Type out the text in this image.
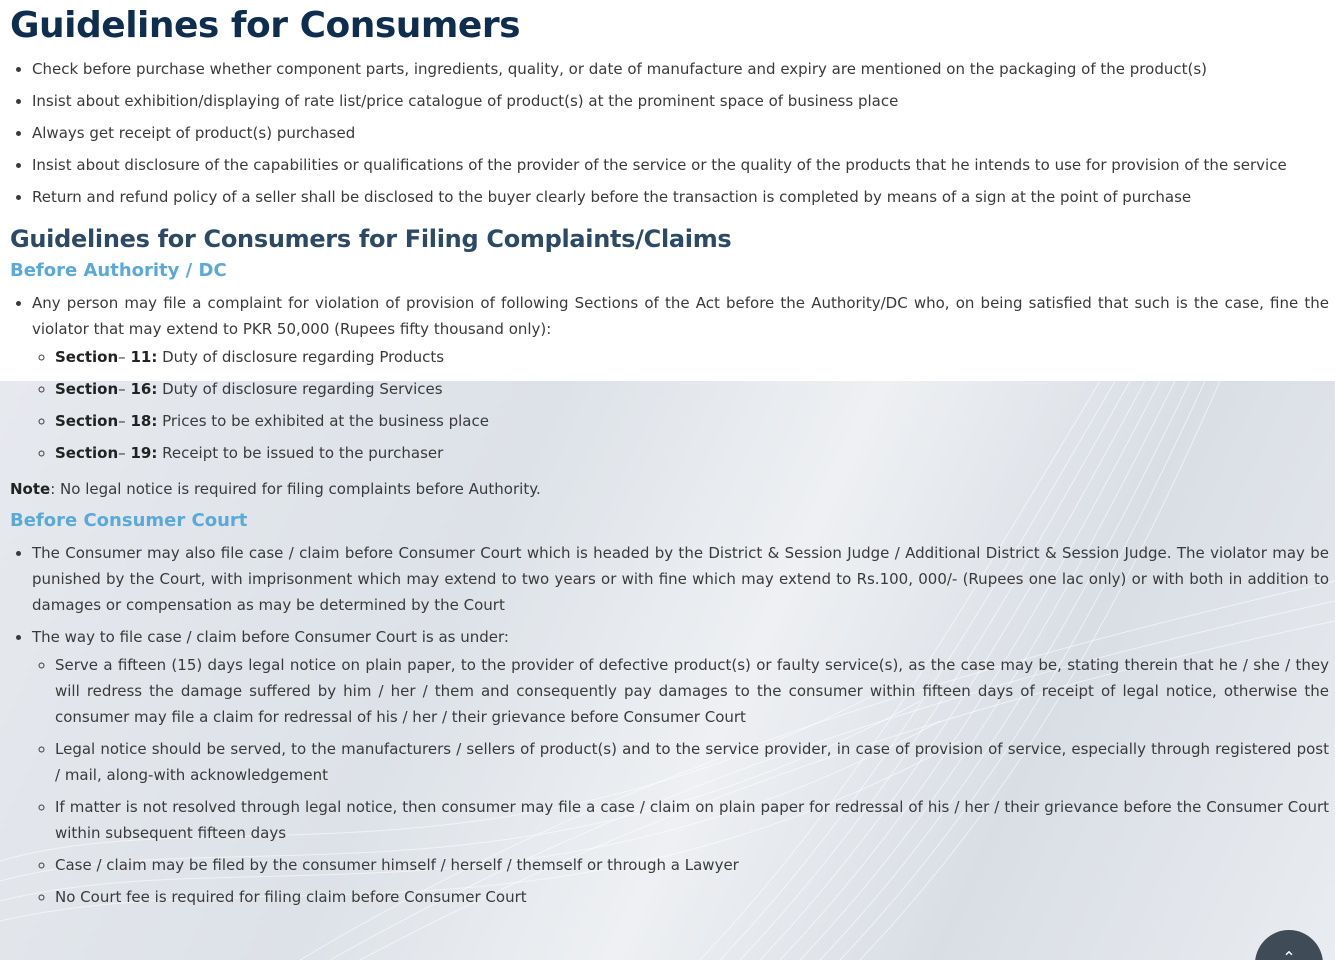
Guidelines for Consumers
• Check before purchase whether component parts, ingredients, quality, or date of manufacture and expiry are mentioned on the packaging of the product(s)
• Insist about exhibition/displaying of rate list/price catalogue of product(s) at the prominent space of business place
• Always get receipt of product(s) purchased
• Insist about disclosure of the capabilities or qualifications of the provider of the service or the quality of the products that he intends to use for provision of the service
• Return and refund policy of a seller shall be disclosed to the buyer clearly before the transaction is completed by means of a sign at the point of purchase
Guidelines for Consumers for Filing Complaints/Claims
Before Authority / DC
• Any person may file a complaint for violation of provision of following Sections of the Act before the Authority/DC who, on being satisfied that such is the case, fine the violator that may extend to PKR 50,000 (Rupees fifty thousand only):
◦ Section– 11: Duty of disclosure regarding Products
◦ Section– 16: Duty of disclosure regarding Services
◦ Section– 18: Prices to be exhibited at the business place
◦ Section– 19: Receipt to be issued to the purchaser

Note: No legal notice is required for filing complaints before Authority.

Before Consumer Court
• The Consumer may also file case / claim before Consumer Court which is headed by the District & Session Judge / Additional District & Session Judge. The violator may be punished by the Court, with imprisonment which may extend to two years or with fine which may extend to Rs.100, 000/- (Rupees one lac only) or with both in addition to damages or compensation as may be determined by the Court
• The way to file case / claim before Consumer Court is as under:
◦ Serve a fifteen (15) days legal notice on plain paper, to the provider of defective product(s) or faulty service(s), as the case may be, stating therein that he / she / they will redress the damage suffered by him / her / them and consequently pay damages to the consumer within fifteen days of receipt of legal notice, otherwise the consumer may file a claim for redressal of his / her / their grievance before Consumer Court
◦ Legal notice should be served, to the manufacturers / sellers of product(s) and to the service provider, in case of provision of service, especially through registered post / mail, along-with acknowledgement
◦ If matter is not resolved through legal notice, then consumer may file a case / claim on plain paper for redressal of his / her / their grievance before the Consumer Court within subsequent fifteen days
◦ Case / claim may be filed by the consumer himself / herself / themself or through a Lawyer
◦ No Court fee is required for filing claim before Consumer Court
⌃
